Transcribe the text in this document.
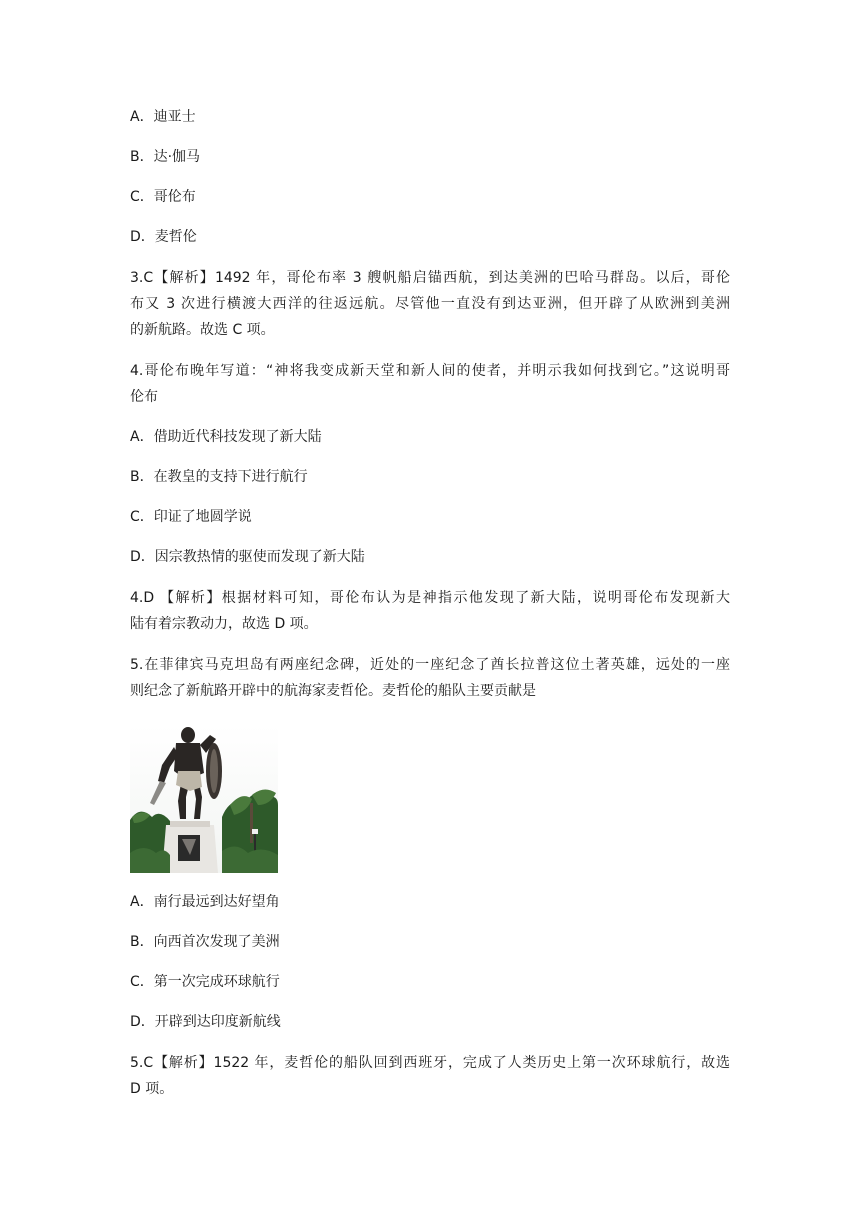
A．迪亚士

B．达·伽马

C．哥伦布

D．麦哲伦

3.C【解析】1492 年，哥伦布率 3 艘帆船启锚西航，到达美洲的巴哈马群岛。以后，哥伦

布又 3 次进行横渡大西洋的往返远航。尽管他一直没有到达亚洲，但开辟了从欧洲到美洲

的新航路。故选 C 项。

4.哥伦布晚年写道：“神将我变成新天堂和新人间的使者，并明示我如何找到它。”这说明哥

伦布

A．借助近代科技发现了新大陆

B．在教皇的支持下进行航行

C．印证了地圆学说

D．因宗教热情的驱使而发现了新大陆

4.D 【解析】根据材料可知，哥伦布认为是神指示他发现了新大陆，说明哥伦布发现新大

陆有着宗教动力，故选 D 项。

5.在菲律宾马克坦岛有两座纪念碑，近处的一座纪念了酋长拉普这位土著英雄，远处的一座

则纪念了新航路开辟中的航海家麦哲伦。麦哲伦的船队主要贡献是

A．南行最远到达好望角

B．向西首次发现了美洲

C．第一次完成环球航行

D．开辟到达印度新航线

5.C【解析】1522 年，麦哲伦的船队回到西班牙，完成了人类历史上第一次环球航行，故选

D 项。
